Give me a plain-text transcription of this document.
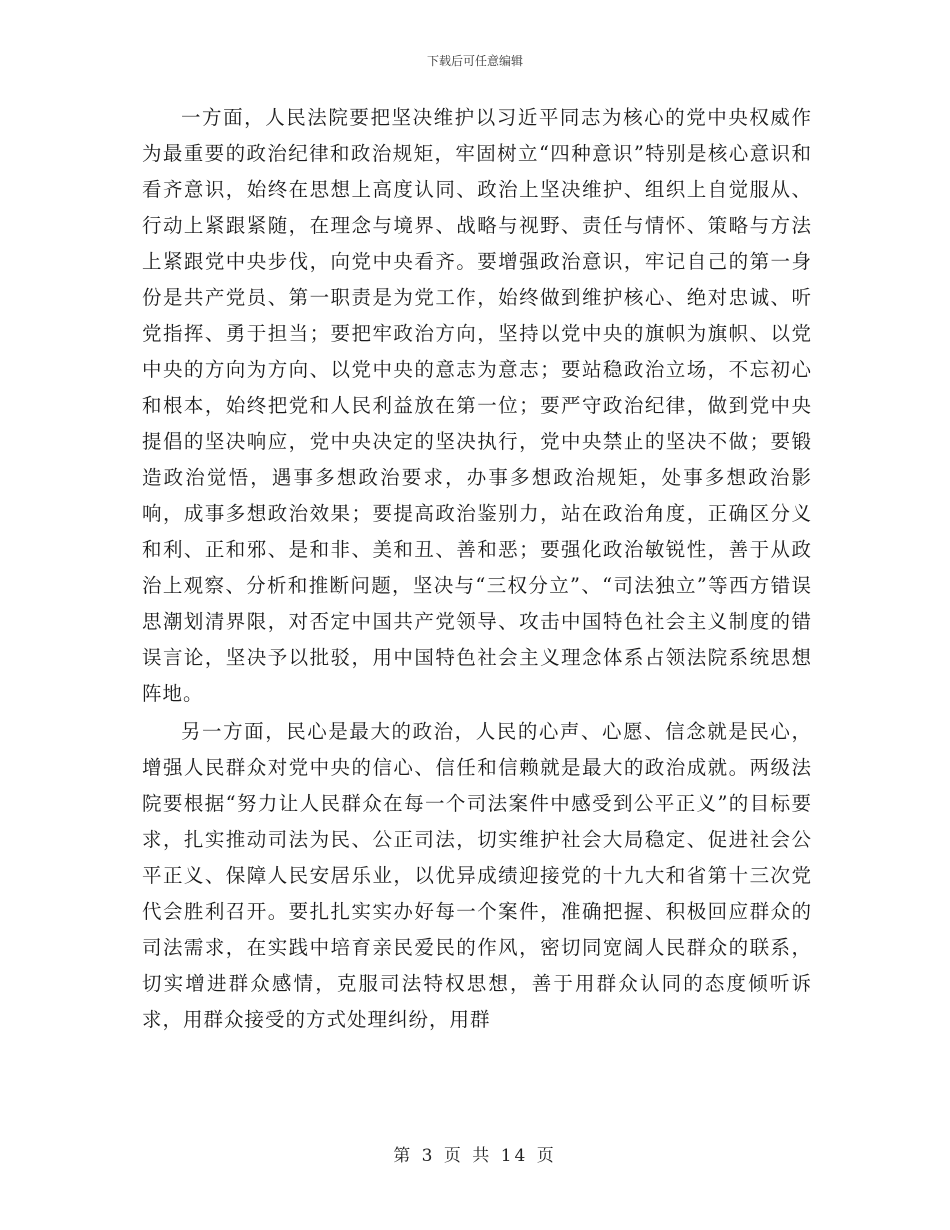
下载后可任意编辑

一方面，人民法院要把坚决维护以习近平同志为核心的党中央权威作为最重要的政治纪律和政治规矩，牢固树立“四种意识”特别是核心意识和看齐意识，始终在思想上高度认同、政治上坚决维护、组织上自觉服从、行动上紧跟紧随，在理念与境界、战略与视野、责任与情怀、策略与方法上紧跟党中央步伐，向党中央看齐。要增强政治意识，牢记自己的第一身份是共产党员、第一职责是为党工作，始终做到维护核心、绝对忠诚、听党指挥、勇于担当；要把牢政治方向，坚持以党中央的旗帜为旗帜、以党中央的方向为方向、以党中央的意志为意志；要站稳政治立场，不忘初心和根本，始终把党和人民利益放在第一位；要严守政治纪律，做到党中央提倡的坚决响应，党中央决定的坚决执行，党中央禁止的坚决不做；要锻造政治觉悟，遇事多想政治要求，办事多想政治规矩，处事多想政治影响，成事多想政治效果；要提高政治鉴别力，站在政治角度，正确区分义和利、正和邪、是和非、美和丑、善和恶；要强化政治敏锐性，善于从政治上观察、分析和推断问题，坚决与“三权分立”、“司法独立”等西方错误思潮划清界限，对否定中国共产党领导、攻击中国特色社会主义制度的错误言论，坚决予以批驳，用中国特色社会主义理念体系占领法院系统思想阵地。

另一方面，民心是最大的政治，人民的心声、心愿、信念就是民心，增强人民群众对党中央的信心、信任和信赖就是最大的政治成就。两级法院要根据“努力让人民群众在每一个司法案件中感受到公平正义”的目标要求，扎实推动司法为民、公正司法，切实维护社会大局稳定、促进社会公平正义、保障人民安居乐业，以优异成绩迎接党的十九大和省第十三次党代会胜利召开。要扎扎实实办好每一个案件，准确把握、积极回应群众的司法需求，在实践中培育亲民爱民的作风，密切同宽阔人民群众的联系，切实增进群众感情，克服司法特权思想，善于用群众认同的态度倾听诉求，用群众接受的方式处理纠纷，用群

第 3 页 共 14 页
